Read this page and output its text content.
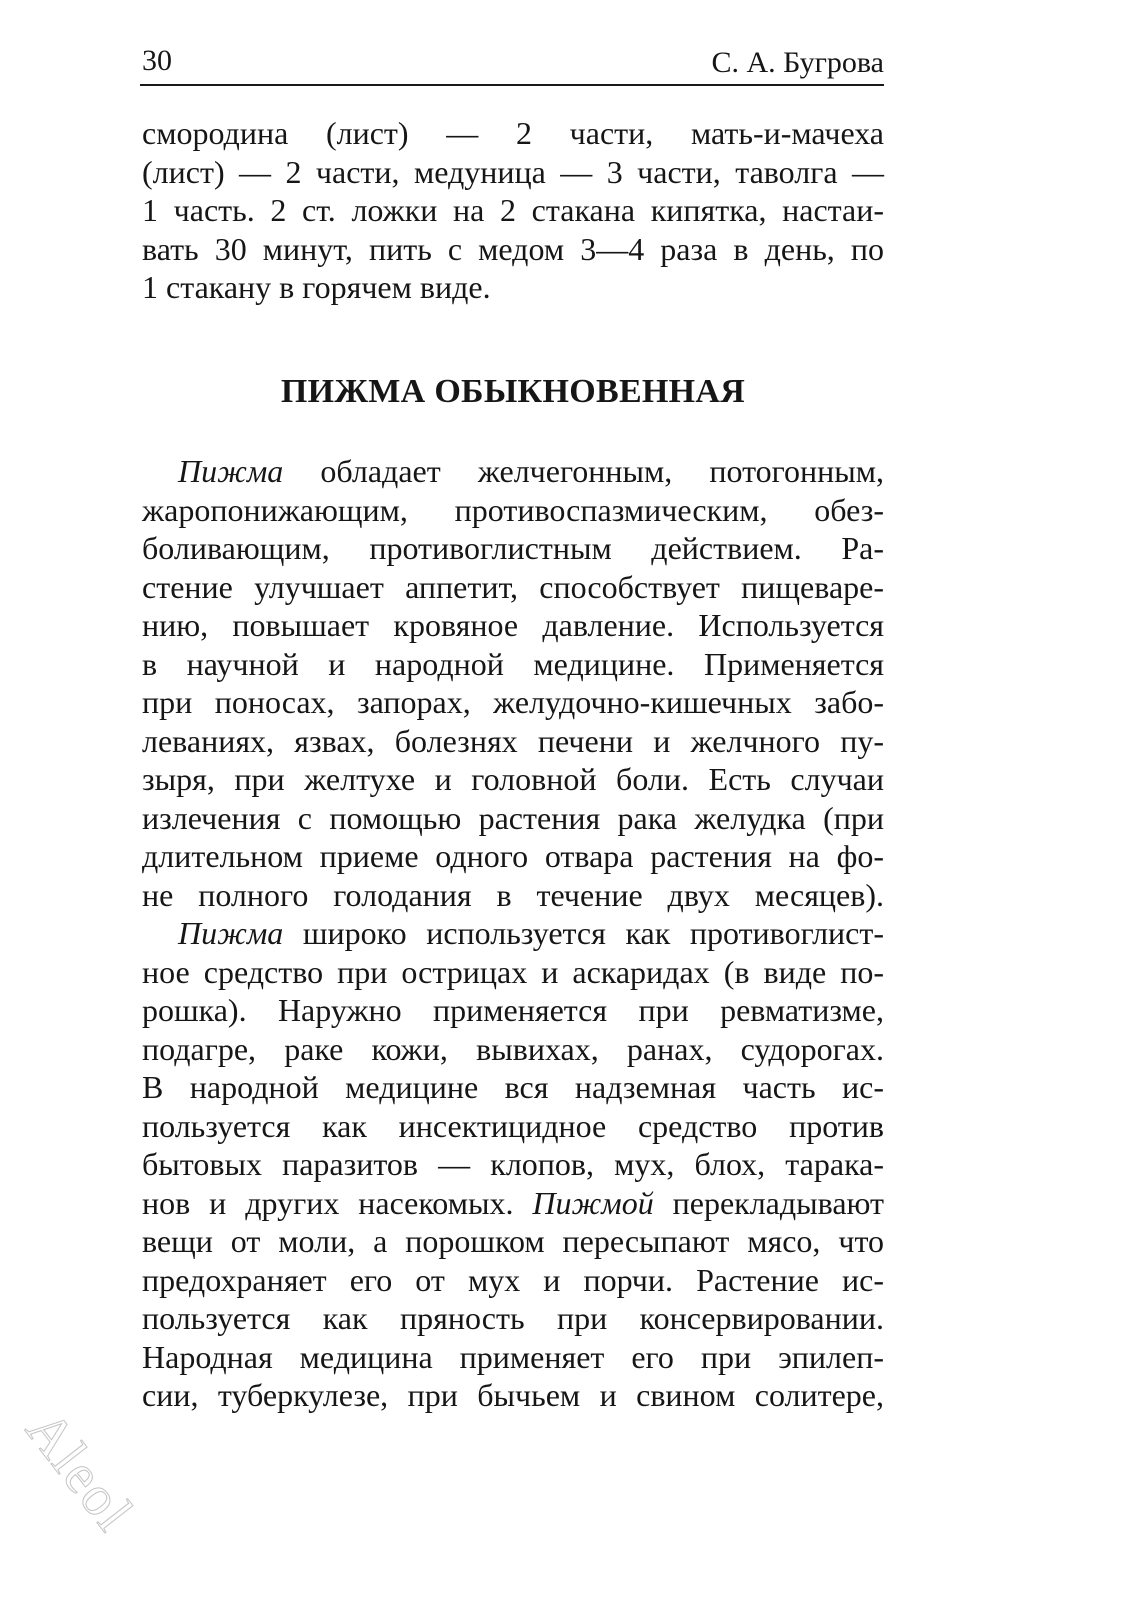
30	С. А. Бугрова
смородина (лист) — 2 части, мать-и-мачеха
(лист) — 2 части, медуница — 3 части, таволга —
1 часть. 2 ст. ложки на 2 стакана кипятка, настаи-
вать 30 минут, пить с медом 3—4 раза в день, по
1 стакану в горячем виде.
ПИЖМА ОБЫКНОВЕННАЯ
Пижма обладает желчегонным, потогонным,
жаропонижающим, противоспазмическим, обез-
боливающим, противоглистным действием. Ра-
стение улучшает аппетит, способствует пищеваре-
нию, повышает кровяное давление. Используется
в научной и народной медицине. Применяется
при поносах, запорах, желудочно-кишечных забо-
леваниях, язвах, болезнях печени и желчного пу-
зыря, при желтухе и головной боли. Есть случаи
излечения с помощью растения рака желудка (при
длительном приеме одного отвара растения на фо-
не полного голодания в течение двух месяцев).
Пижма широко используется как противоглист-
ное средство при острицах и аскаридах (в виде по-
рошка). Наружно применяется при ревматизме,
подагре, раке кожи, вывихах, ранах, судорогах.
В народной медицине вся надземная часть ис-
пользуется как инсектицидное средство против
бытовых паразитов — клопов, мух, блох, тарака-
нов и других насекомых. Пижмой перекладывают
вещи от моли, а порошком пересыпают мясо, что
предохраняет его от мух и порчи. Растение ис-
пользуется как пряность при консервировании.
Народная медицина применяет его при эпилеп-
сии, туберкулезе, при бычьем и свином солитере,
Aleol
